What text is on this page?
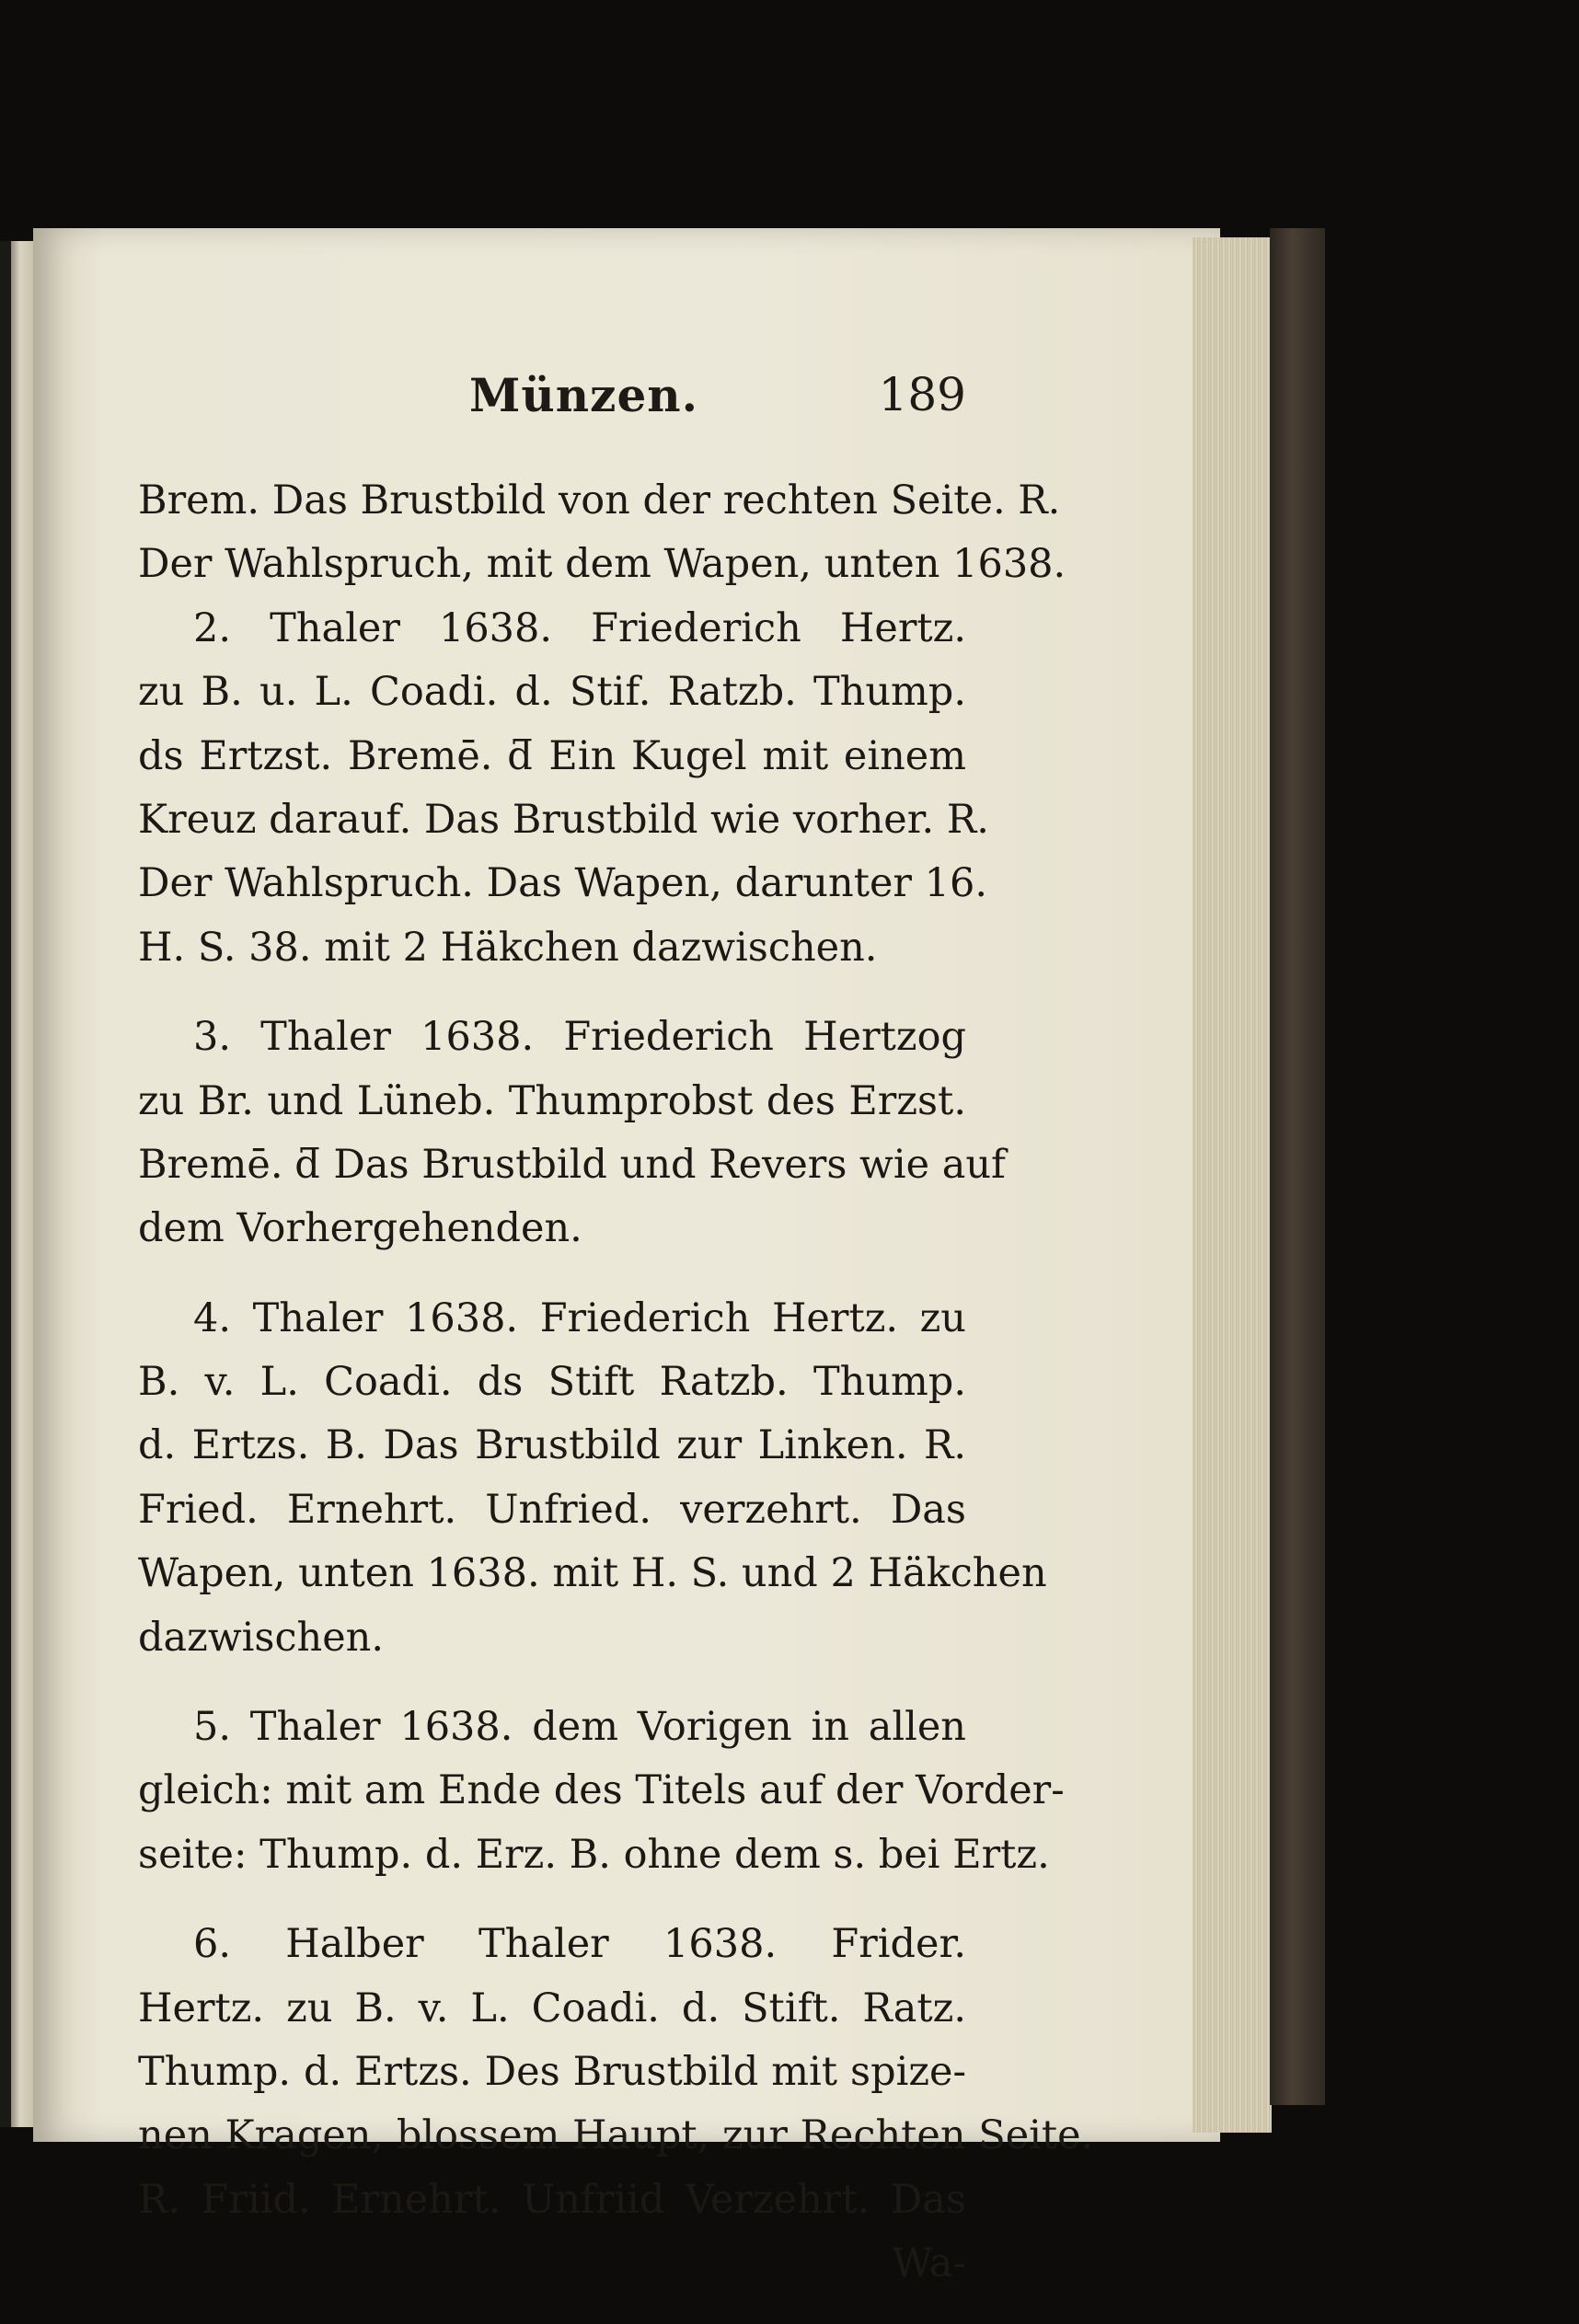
Münzen.	189
Brem. Das Brustbild von der rechten Seite. R.
Der Wahlspruch, mit dem Wapen, unten 1638.
2. Thaler 1638. Friederich Hertz.
zu B. u. L. Coadi. d. Stif. Ratzb. Thump.
ds Ertzst. Bremē. ƌ Ein Kugel mit einem
Kreuz darauf. Das Brustbild wie vorher. R.
Der Wahlspruch. Das Wapen, darunter 16.
H. S. 38. mit 2 Häkchen dazwischen.
3. Thaler 1638. Friederich Hertzog
zu Br. und Lüneb. Thumprobst des Erzst.
Bremē. ƌ Das Brustbild und Revers wie auf
dem Vorhergehenden.
4. Thaler 1638. Friederich Hertz. zu
B. v. L. Coadi. ds Stift Ratzb. Thump.
d. Ertzs. B. Das Brustbild zur Linken. R.
Fried. Ernehrt. Unfried. verzehrt. Das
Wapen, unten 1638. mit H. S. und 2 Häkchen
dazwischen.
5. Thaler 1638. dem Vorigen in allen
gleich: mit am Ende des Titels auf der Vorder-
seite: Thump. d. Erz. B. ohne dem s. bei Ertz.
6. Halber Thaler 1638. Frider.
Hertz. zu B. v. L. Coadi. d. Stift. Ratz.
Thump. d. Ertzs. Des Brustbild mit spize-
nen Kragen, blossem Haupt, zur Rechten Seite.
R. Friid. Ernehrt. Unfriid Verzehrt. Das
Wa-
